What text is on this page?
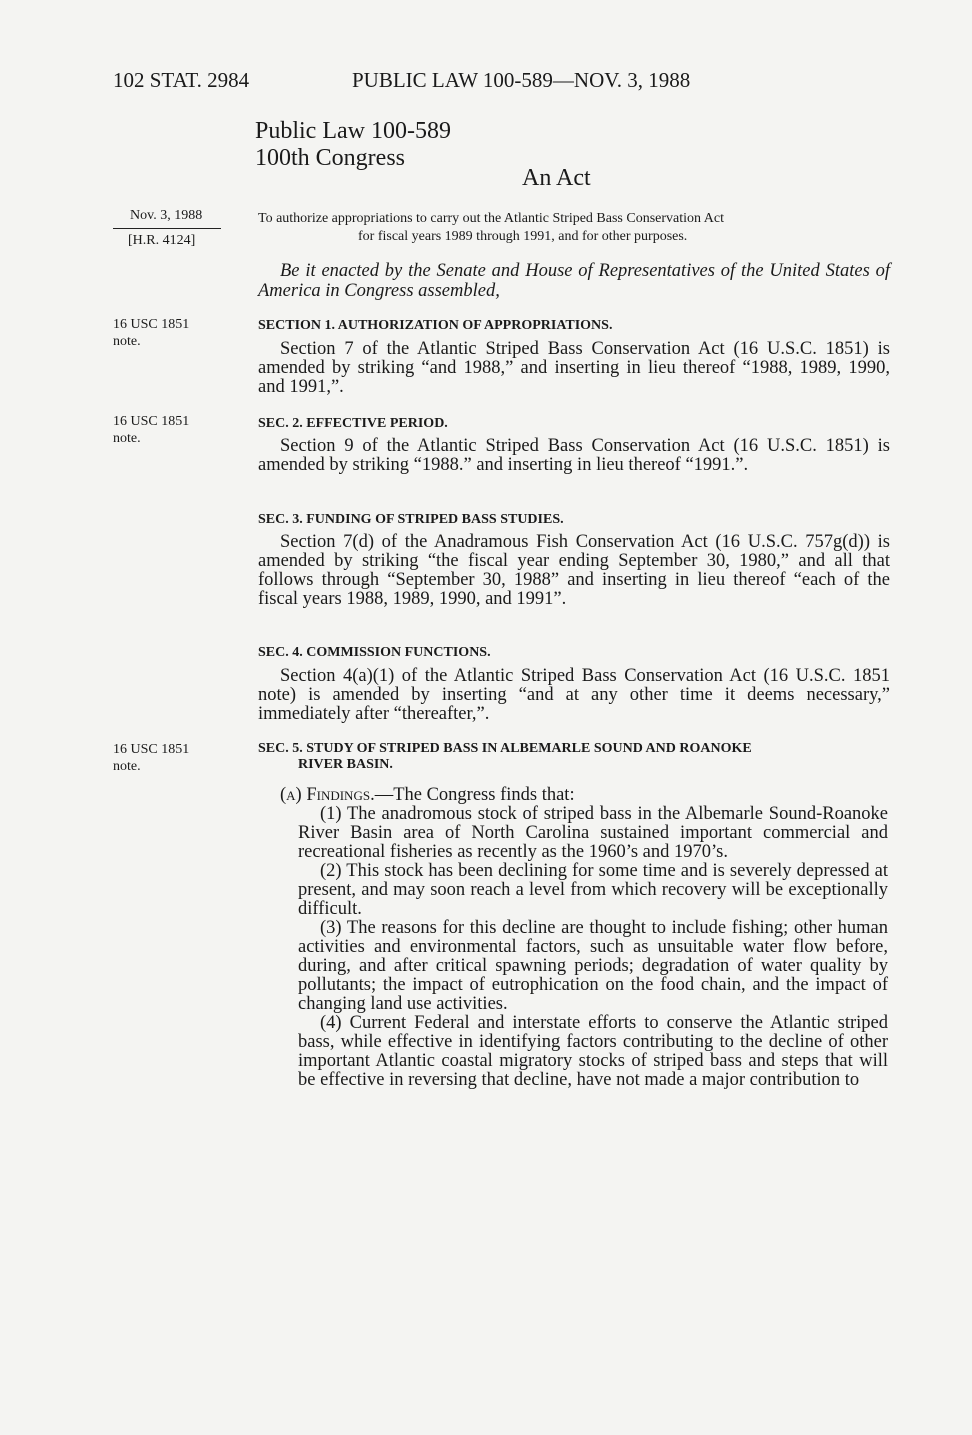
102 STAT. 2984	PUBLIC LAW 100-589—NOV. 3, 1988
Public Law 100-589
100th Congress
An Act
Nov. 3, 1988
[H.R. 4124]
To authorize appropriations to carry out the Atlantic Striped Bass Conservation Act
for fiscal years 1989 through 1991, and for other purposes.
Be it enacted by the Senate and House of Representatives of the United States of America in Congress assembled,
16 USC 1851
note.
16 USC 1851
note.
16 USC 1851
note.
SECTION 1. AUTHORIZATION OF APPROPRIATIONS.
Section 7 of the Atlantic Striped Bass Conservation Act (16 U.S.C. 1851) is amended by striking “and 1988,” and inserting in lieu thereof “1988, 1989, 1990, and 1991,”.
SEC. 2. EFFECTIVE PERIOD.
Section 9 of the Atlantic Striped Bass Conservation Act (16 U.S.C. 1851) is amended by striking “1988.” and inserting in lieu thereof “1991.”.
SEC. 3. FUNDING OF STRIPED BASS STUDIES.
Section 7(d) of the Anadramous Fish Conservation Act (16 U.S.C. 757g(d)) is amended by striking “the fiscal year ending September 30, 1980,” and all that follows through “September 30, 1988” and inserting in lieu thereof “each of the fiscal years 1988, 1989, 1990, and 1991”.
SEC. 4. COMMISSION FUNCTIONS.
Section 4(a)(1) of the Atlantic Striped Bass Conservation Act (16 U.S.C. 1851 note) is amended by inserting “and at any other time it deems necessary,” immediately after “thereafter,”.
SEC. 5. STUDY OF STRIPED BASS IN ALBEMARLE SOUND AND ROANOKE
RIVER BASIN.
(a) Findings.—The Congress finds that:

(1) The anadromous stock of striped bass in the Albemarle Sound-Roanoke River Basin area of North Carolina sustained important commercial and recreational fisheries as recently as the 1960’s and 1970’s.

(2) This stock has been declining for some time and is severely depressed at present, and may soon reach a level from which recovery will be exceptionally difficult.

(3) The reasons for this decline are thought to include fishing; other human activities and environmental factors, such as unsuitable water flow before, during, and after critical spawning periods; degradation of water quality by pollutants; the impact of eutrophication on the food chain, and the impact of changing land use activities.

(4) Current Federal and interstate efforts to conserve the Atlantic striped bass, while effective in identifying factors contributing to the decline of other important Atlantic coastal migratory stocks of striped bass and steps that will be effective in reversing that decline, have not made a major contribution to
